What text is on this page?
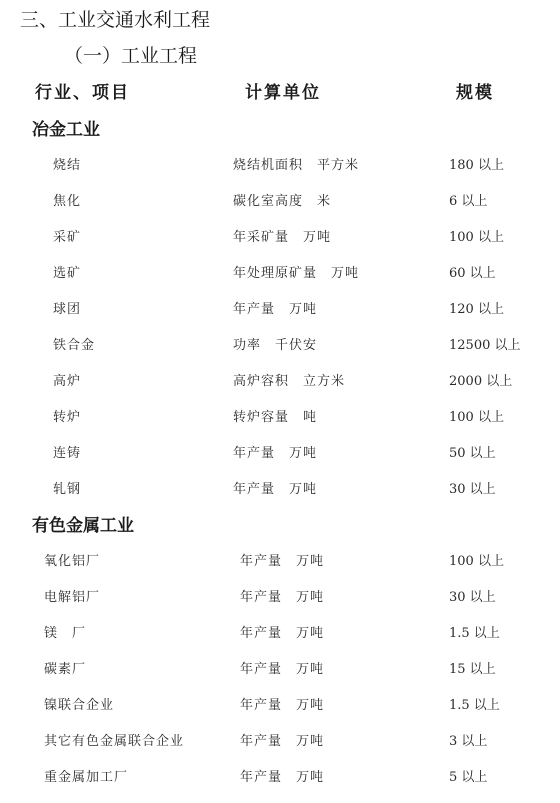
三、工业交通水利工程
（一）工业工程
行业、项目	计算单位	规模
冶金工业
烧结	烧结机面积　平方米	180 以上
焦化	碳化室高度　米	6 以上
采矿	年采矿量　万吨	100 以上
选矿	年处理原矿量　万吨	60 以上
球团	年产量　万吨	120 以上
铁合金	功率　千伏安	12500 以上
高炉	高炉容积　立方米	2000 以上
转炉	转炉容量　吨	100 以上
连铸	年产量　万吨	50 以上
轧钢	年产量　万吨	30 以上
有色金属工业
氧化铝厂	年产量　万吨	100 以上
电解铝厂	年产量　万吨	30 以上
镁　厂	年产量　万吨	1.5 以上
碳素厂	年产量　万吨	15 以上
镍联合企业	年产量　万吨	1.5 以上
其它有色金属联合企业	年产量　万吨	3 以上
重金属加工厂	年产量　万吨	5 以上
